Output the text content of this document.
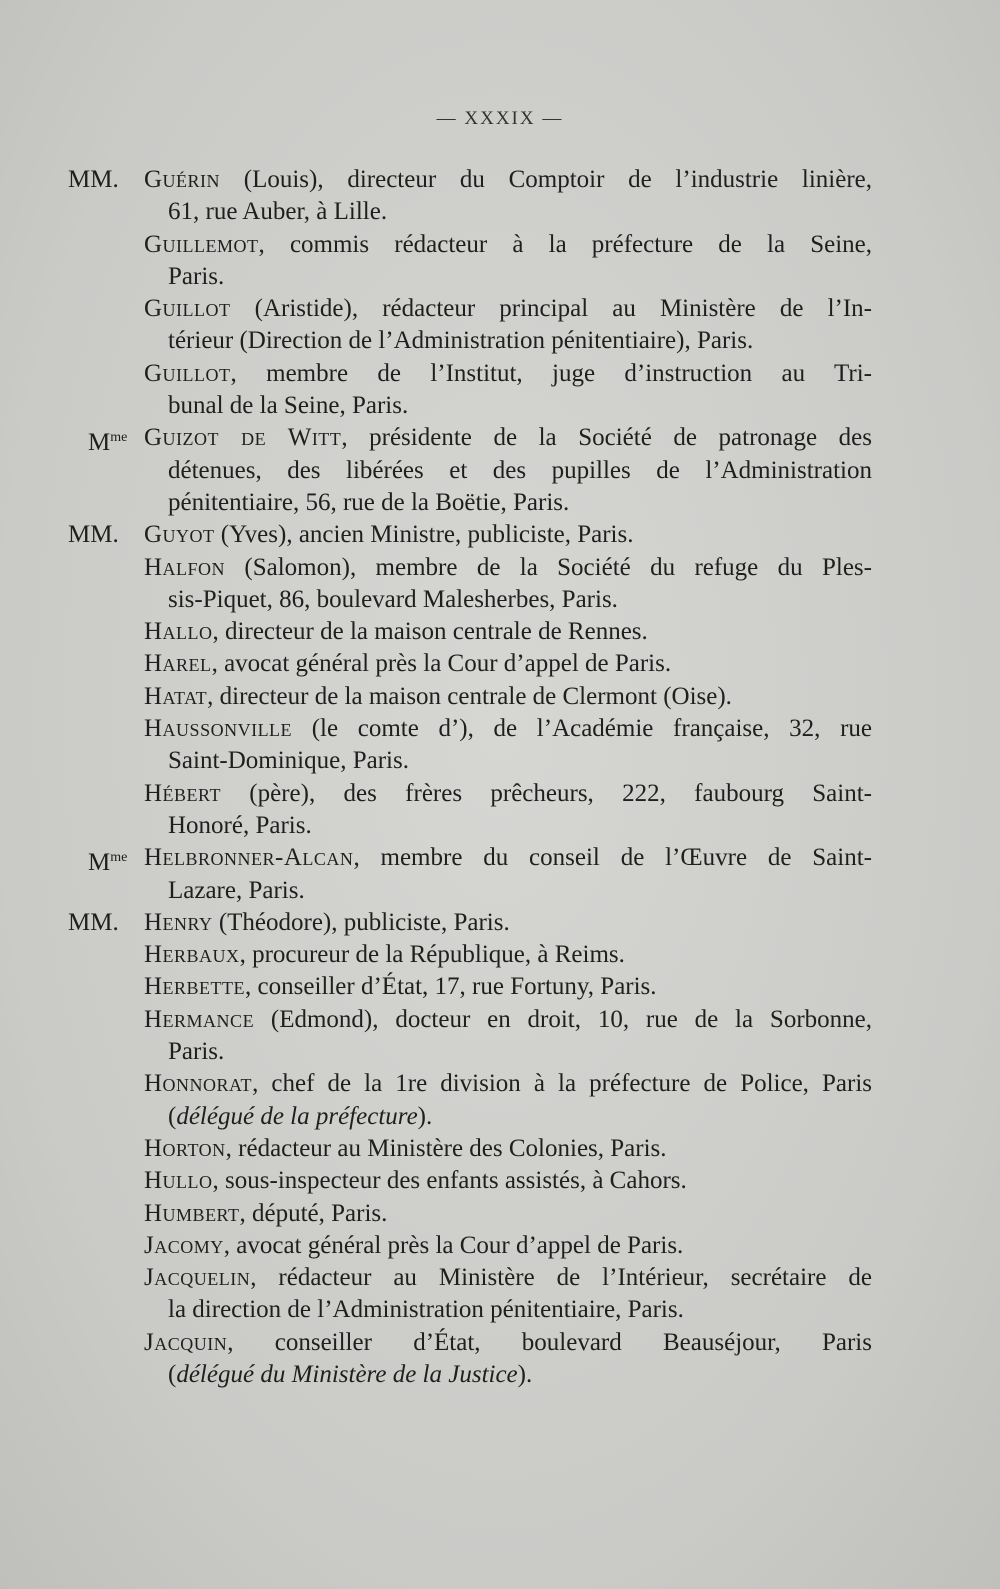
— XXXIX —
MM.	Guérin (Louis), directeur du Comptoir de l’industrie linière,
61, rue Auber, à Lille.
Guillemot, commis rédacteur à la préfecture de la Seine,
Paris.
Guillot (Aristide), rédacteur principal au Ministère de l’In-
térieur (Direction de l’Administration pénitentiaire), Paris.
Guillot, membre de l’Institut, juge d’instruction au Tri-
bunal de la Seine, Paris.
$M^{me}$ Guizot de Witt, présidente de la Société de patronage des
détenues, des libérées et des pupilles de l’Administration
pénitentiaire, 56, rue de la Boëtie, Paris.
MM.	Guyot (Yves), ancien Ministre, publiciste, Paris.
Halfon (Salomon), membre de la Société du refuge du Ples-
sis-Piquet, 86, boulevard Malesherbes, Paris.
Hallo, directeur de la maison centrale de Rennes.
Harel, avocat général près la Cour d’appel de Paris.
Hatat, directeur de la maison centrale de Clermont (Oise).
Haussonville (le comte d’), de l’Académie française, 32, rue
Saint-Dominique, Paris.
Hébert (père), des frères prêcheurs, 222, faubourg Saint-
Honoré, Paris.
$M^{me}$ Helbronner-Alcan, membre du conseil de l’Œuvre de Saint-
Lazare, Paris.
MM.	Henry (Théodore), publiciste, Paris.
Herbaux, procureur de la République, à Reims.
Herbette, conseiller d’État, 17, rue Fortuny, Paris.
Hermance (Edmond), docteur en droit, 10, rue de la Sorbonne,
Paris.
Honnorat, chef de la 1re division à la préfecture de Police, Paris
(délégué de la préfecture).
Horton, rédacteur au Ministère des Colonies, Paris.
Hullo, sous-inspecteur des enfants assistés, à Cahors.
Humbert, député, Paris.
Jacomy, avocat général près la Cour d’appel de Paris.
Jacquelin, rédacteur au Ministère de l’Intérieur, secrétaire de
la direction de l’Administration pénitentiaire, Paris.
Jacquin, conseiller d’État, boulevard Beauséjour, Paris
(délégué du Ministère de la Justice).
